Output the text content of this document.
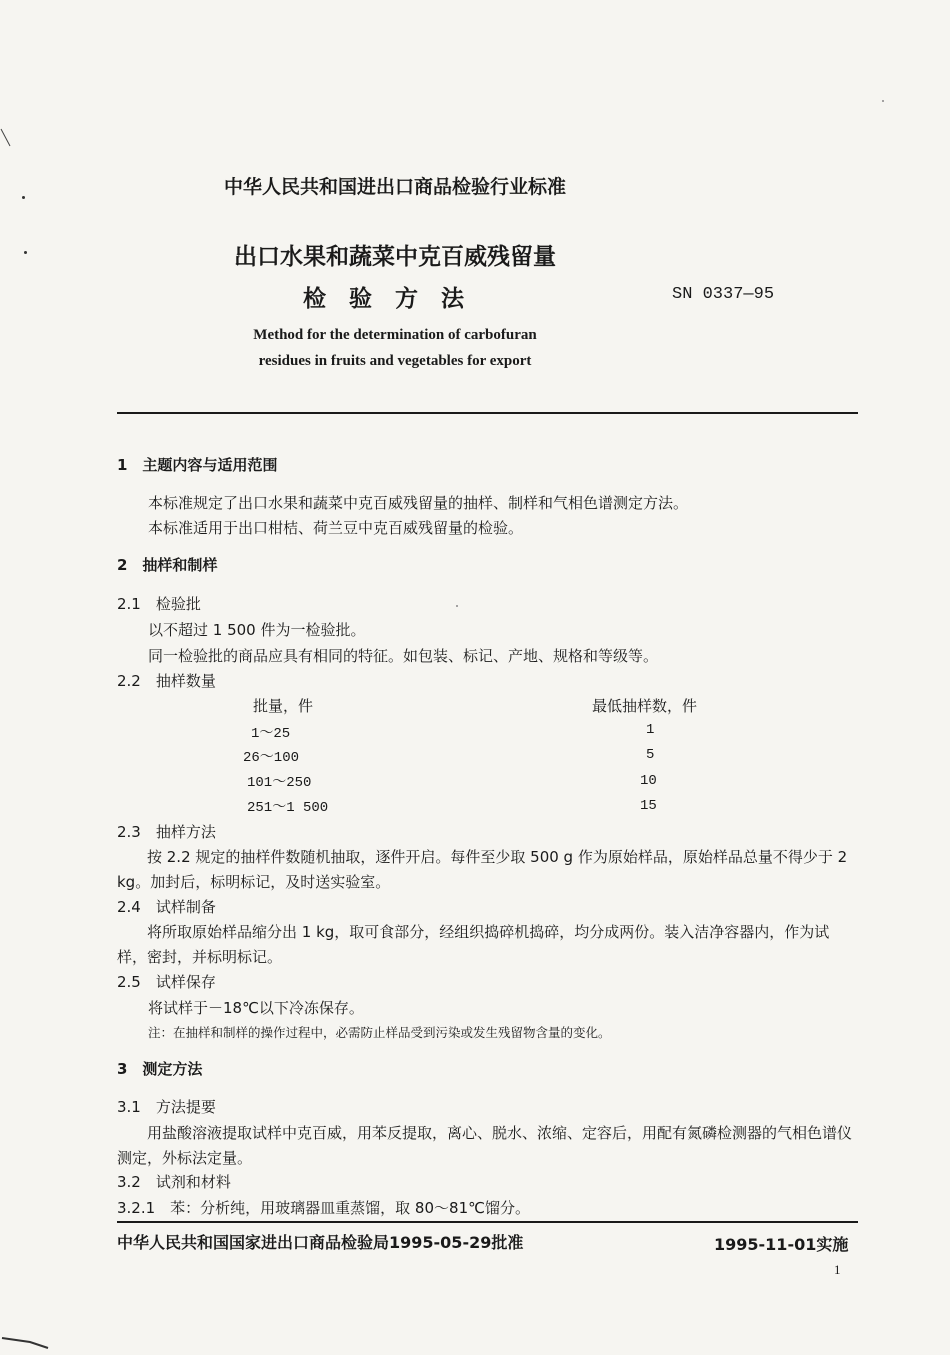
中华人民共和国进出口商品检验行业标准
出口水果和蔬菜中克百威残留量
检验方法	SN 0337—95
Method for the determination of carbofuran
residues in fruits and vegetables for export
1　主题内容与适用范围
本标准规定了出口水果和蔬菜中克百威残留量的抽样、制样和气相色谱测定方法。
本标准适用于出口柑桔、荷兰豆中克百威残留量的检验。
2　抽样和制样
2.1　检验批
以不超过 1 500 件为一检验批。
同一检验批的商品应具有相同的特征。如包装、标记、产地、规格和等级等。
2.2　抽样数量
批量，件	最低抽样数，件
1～25	1
26～100	5
101～250	10
251～1 500	15
2.3　抽样方法
按 2.2 规定的抽样件数随机抽取，逐件开启。每件至少取 500 g 作为原始样品，原始样品总量不得少于 2 kg。加封后，标明标记，及时送实验室。
2.4　试样制备
将所取原始样品缩分出 1 kg，取可食部分，经组织捣碎机捣碎，均分成两份。装入洁净容器内，作为试样，密封，并标明标记。
2.5　试样保存
将试样于－18℃以下冷冻保存。
注：在抽样和制样的操作过程中，必需防止样品受到污染或发生残留物含量的变化。
3　测定方法
3.1　方法提要
用盐酸溶液提取试样中克百威，用苯反提取，离心、脱水、浓缩、定容后，用配有氮磷检测器的气相色谱仪测定，外标法定量。
3.2　试剂和材料
3.2.1　苯：分析纯，用玻璃器皿重蒸馏，取 80～81℃馏分。
中华人民共和国国家进出口商品检验局1995-05-29批准	1995-11-01实施
1
